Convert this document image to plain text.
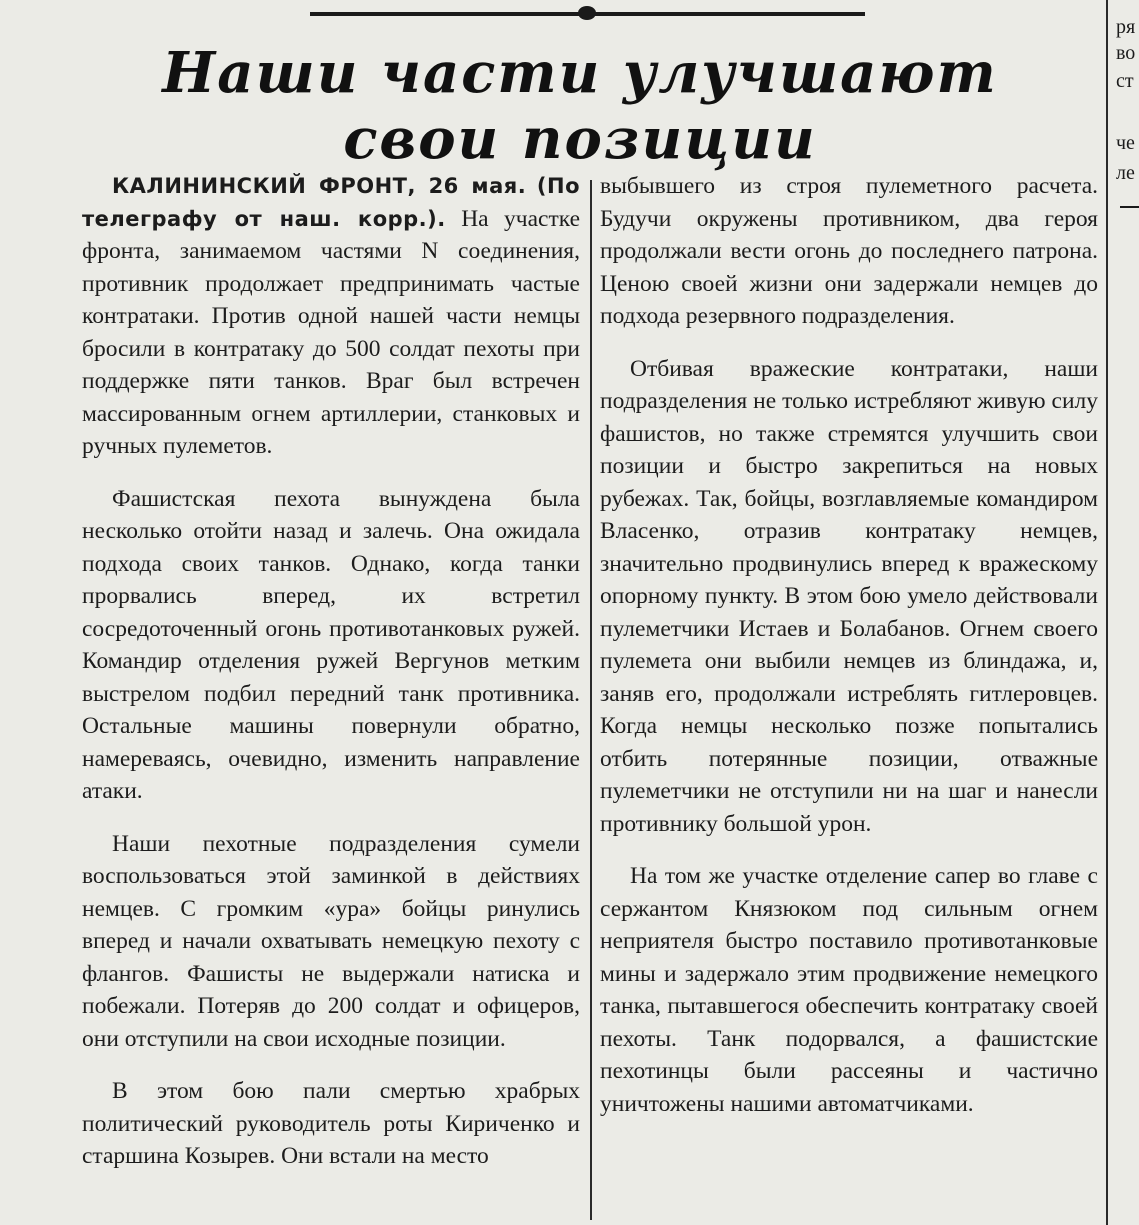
Наши части улучшают
свои позиции

КАЛИНИНСКИЙ ФРОНТ, 26 мая. (По телеграфу от наш. корр.). На участке фронта, занимаемом частями N соединения, противник продолжает предпринимать частые контратаки. Против одной нашей части немцы бросили в контратаку до 500 солдат пехоты при поддержке пяти танков. Враг был встречен массированным огнем артиллерии, станковых и ручных пулеметов.

Фашистская пехота вынуждена была несколько отойти назад и залечь. Она ожидала подхода своих танков. Однако, когда танки прорвались вперед, их встретил сосредоточенный огонь противотанковых ружей. Командир отделения ружей Вергунов метким выстрелом подбил передний танк противника. Остальные машины повернули обратно, намереваясь, очевидно, изменить направление атаки.

Наши пехотные подразделения сумели воспользоваться этой заминкой в действиях немцев. С громким «ура» бойцы ринулись вперед и начали охватывать немецкую пехоту с флангов. Фашисты не выдержали натиска и побежали. Потеряв до 200 солдат и офицеров, они отступили на свои исходные позиции.

В этом бою пали смертью храбрых политический руководитель роты Кириченко и старшина Козырев. Они встали на место

выбывшего из строя пулеметного расчета. Будучи окружены противником, два героя продолжали вести огонь до последнего патрона. Ценою своей жизни они задержали немцев до подхода резервного подразделения.

Отбивая вражеские контратаки, наши подразделения не только истребляют живую силу фашистов, но также стремятся улучшить свои позиции и быстро закрепиться на новых рубежах. Так, бойцы, возглавляемые командиром Власенко, отразив контратаку немцев, значительно продвинулись вперед к вражескому опорному пункту. В этом бою умело действовали пулеметчики Истаев и Болабанов. Огнем своего пулемета они выбили немцев из блиндажа, и, заняв его, продолжали истреблять гитлеровцев. Когда немцы несколько позже попытались отбить потерянные позиции, отважные пулеметчики не отступили ни на шаг и нанесли противнику большой урон.

На том же участке отделение сапер во главе с сержантом Князюком под сильным огнем неприятеля быстро поставило противотанковые мины и задержало этим продвижение немецкого танка, пытавшегося обеспечить контратаку своей пехоты. Танк подорвался, а фашистские пехотинцы были рассеяны и частично уничтожены нашими автоматчиками.

ря
во
ст
че
ле
